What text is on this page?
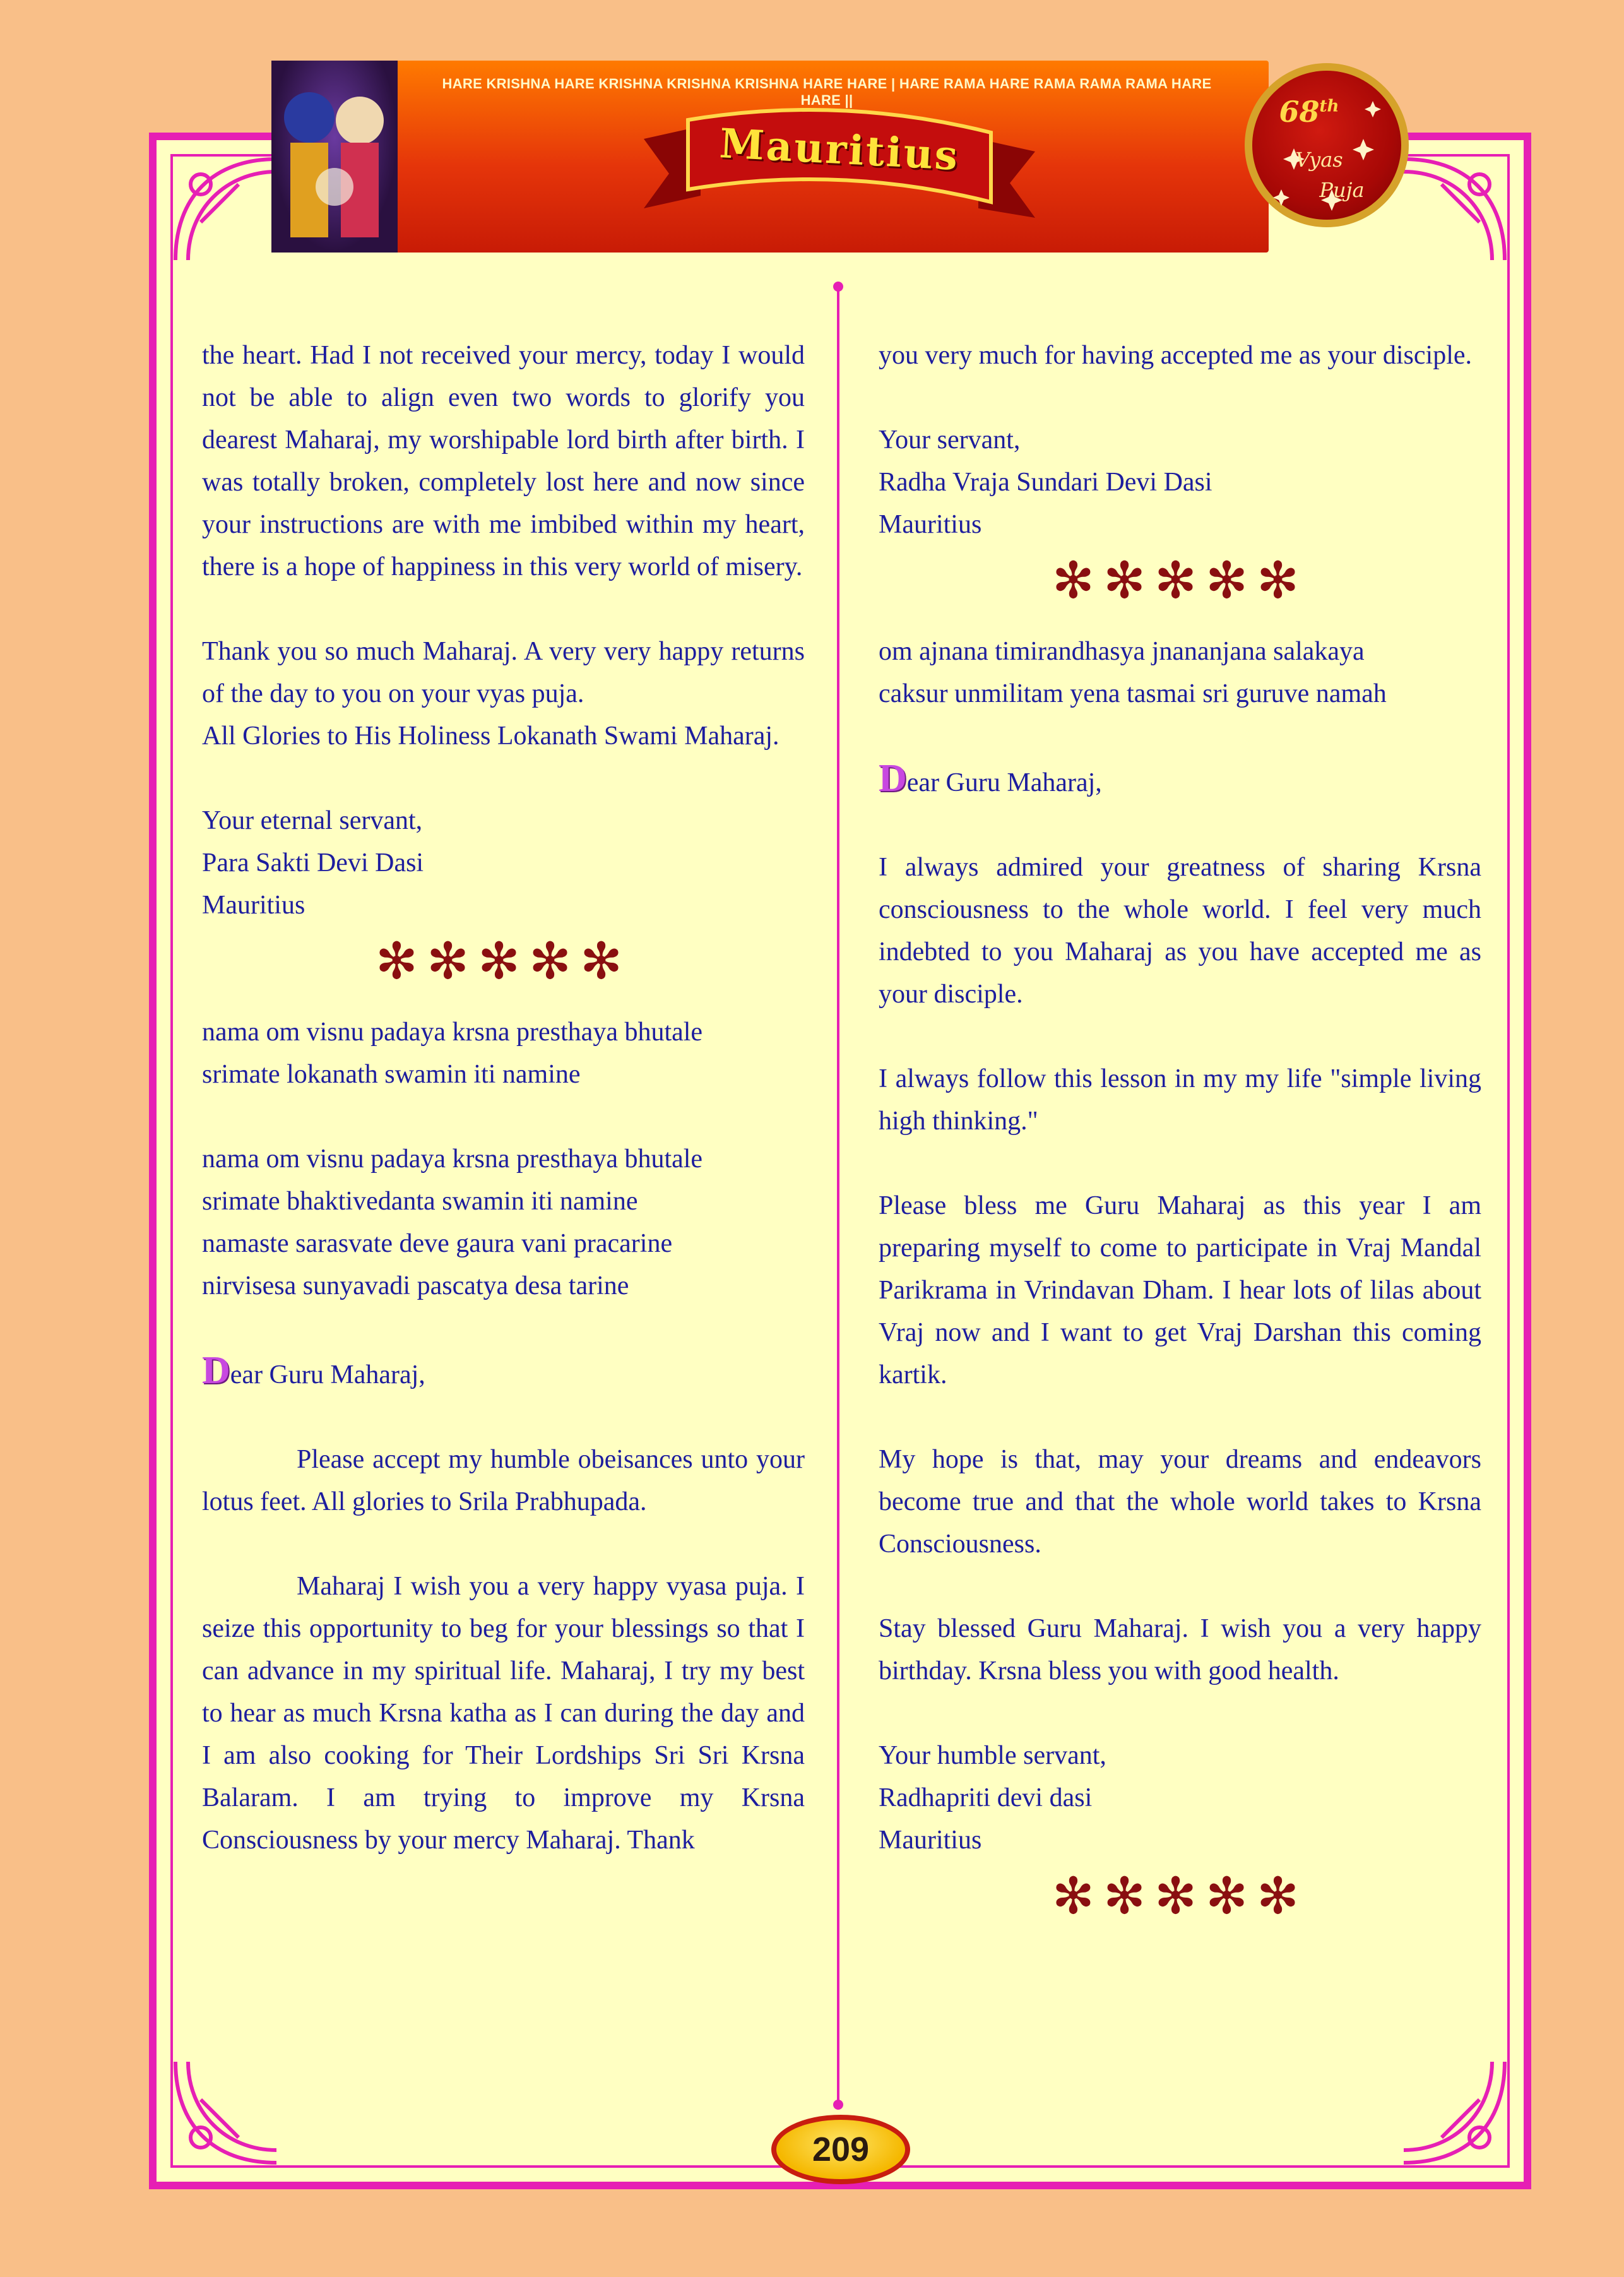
HARE KRISHNA HARE KRISHNA KRISHNA KRISHNA HARE HARE | HARE RAMA HARE RAMA RAMA RAMA HARE HARE ||
Mauritius
68th
Vyas
Puja

the heart. Had I not received your mercy, today I would not be able to align even two words to glorify you dearest Maharaj, my worshipable lord birth after birth. I was totally broken, completely lost here and now since your instructions are with me imbibed within my heart, there is a hope of happiness in this very world of misery.

Thank you so much Maharaj. A very very happy returns of the day to you on your vyas puja.

All Glories to His Holiness Lokanath Swami Maharaj.

Your eternal servant,

Para Sakti Devi Dasi

Mauritius

✻✻✻✻✻

nama om visnu padaya krsna presthaya bhutale

srimate lokanath swamin iti namine

nama om visnu padaya krsna presthaya bhutale

srimate bhaktivedanta swamin iti namine

namaste sarasvate deve gaura vani pracarine

nirvisesa sunyavadi pascatya desa tarine

Dear Guru Maharaj,

Please accept my humble obeisances unto your lotus feet. All glories to Srila Prabhupada.

Maharaj I wish you a very happy vyasa puja. I seize this opportunity to beg for your blessings so that I can advance in my spiritual life. Maharaj, I try my best to hear as much Krsna katha as I can during the day and I am also cooking for Their Lordships Sri Sri Krsna Balaram. I am trying to improve my Krsna Consciousness by your mercy Maharaj. Thank

you very much for having accepted me as your disciple.

Your servant,

Radha Vraja Sundari Devi Dasi

Mauritius

✻✻✻✻✻

om ajnana timirandhasya jnananjana salakaya

caksur unmilitam yena tasmai sri guruve namah

Dear Guru Maharaj,

I always admired your greatness of sharing Krsna consciousness to the whole world. I feel very much indebted to you Maharaj as you have accepted me as your disciple.

I always follow this lesson in my my life "simple living high thinking."

Please bless me Guru Maharaj as this year I am preparing myself to come to participate in Vraj Mandal Parikrama in Vrindavan Dham. I hear lots of lilas about Vraj now and I want to get Vraj Darshan this coming kartik.

My hope is that, may your dreams and endeavors become true and that the whole world takes to Krsna Consciousness.

Stay blessed Guru Maharaj. I wish you a very happy birthday. Krsna bless you with good health.

Your humble servant,

Radhapriti devi dasi

Mauritius

✻✻✻✻✻
209
